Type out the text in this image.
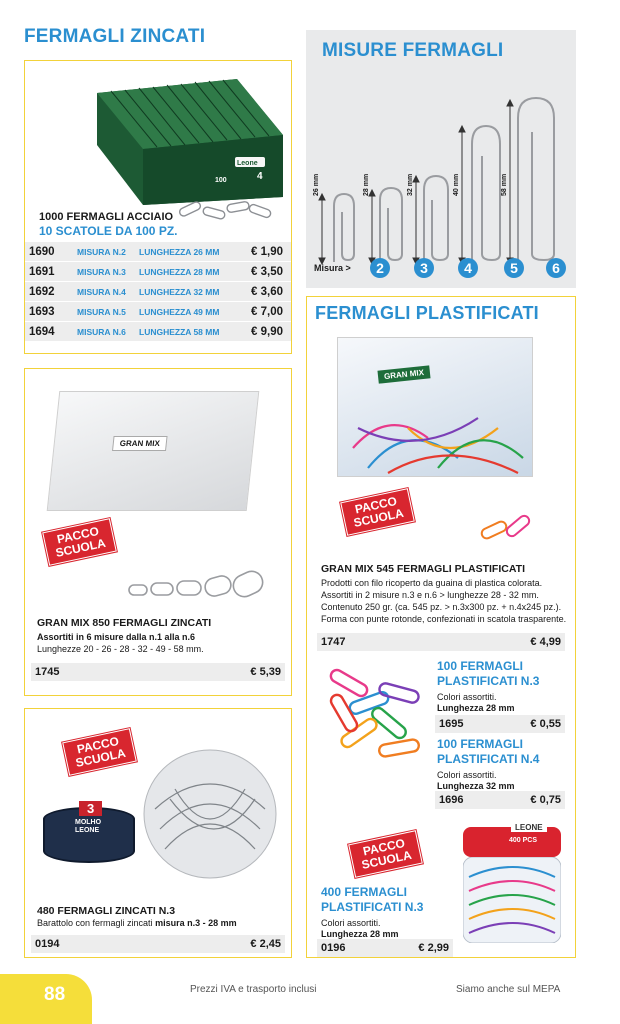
FERMAGLI ZINCATI
Leone
100	4
1000 FERMAGLI ACCIAIO
10 SCATOLE DA 100 PZ.
1690	MISURA N.2	LUNGHEZZA 26 MM	€ 1,90
1691	MISURA N.3	LUNGHEZZA 28 MM	€ 3,50
1692	MISURA N.4	LUNGHEZZA 32 MM	€ 3,60
1693	MISURA N.5	LUNGHEZZA 49 MM	€ 7,00
1694	MISURA N.6	LUNGHEZZA 58 MM	€ 9,90
MISURE FERMAGLI
26 mm	28 mm	32 mm	40 mm	58 mm
Misura >	2	3	4	5	6
GRAN MIX
PACCO
SCUOLA
GRAN MIX 850 FERMAGLI ZINCATI
Assortiti in 6 misure dalla n.1 alla n.6
Lunghezze 20 - 26 - 28 - 32 - 49 - 58 mm.
1745	€ 5,39
PACCO
SCUOLA
3
MOLHO
LEONE
480 FERMAGLI ZINCATI N.3
Barattolo con fermagli zincati misura n.3 - 28 mm
0194	€ 2,45
FERMAGLI PLASTIFICATI
GRAN MIX
PACCO
SCUOLA
GRAN MIX 545 FERMAGLI PLASTIFICATI
Prodotti con filo ricoperto da guaina di plastica colorata. Assortiti in 2 misure n.3 e n.6 > lunghezze 28 - 32 mm. Contenuto 250 gr. (ca. 545 pz. > n.3x300 pz. + n.4x245 pz.). Forma con punte rotonde, confezionati in scatola trasparente.
1747	€ 4,99
100 FERMAGLI
PLASTIFICATI N.3
Colori assortiti.
Lunghezza 28 mm
1695	€ 0,55
100 FERMAGLI
PLASTIFICATI N.4
Colori assortiti.
Lunghezza 32 mm
1696	€ 0,75
PACCO
SCUOLA
LEONE
400 PCS
400 FERMAGLI
PLASTIFICATI N.3
Colori assortiti.
Lunghezza 28 mm
0196	€ 2,99
88	Prezzi IVA e trasporto inclusi	Siamo anche sul MEPA
